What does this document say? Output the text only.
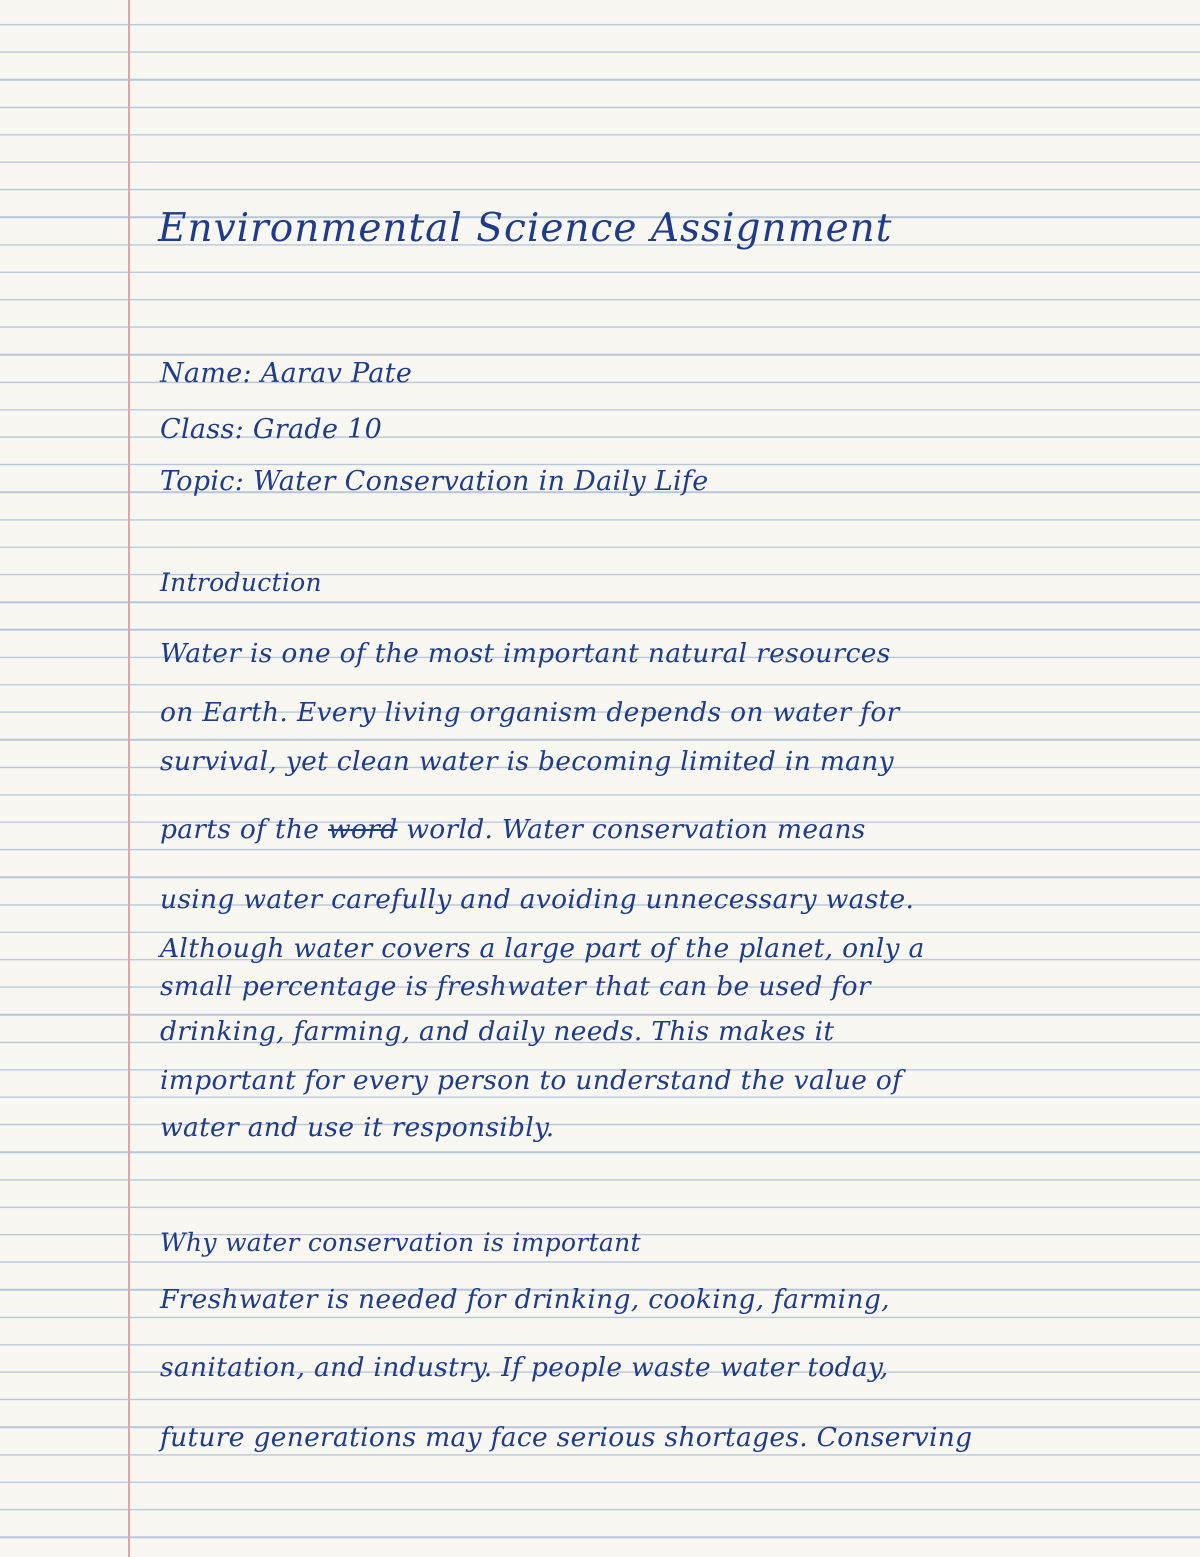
Environmental Science Assignment
Name: Aarav Pate
Class: Grade 10
Topic: Water Conservation in Daily Life
Introduction
Water is one of the most important natural resources
on Earth. Every living organism depends on water for
survival, yet clean water is becoming limited in many
parts of the word world. Water conservation means
using water carefully and avoiding unnecessary waste.
Although water covers a large part of the planet, only a
small percentage is freshwater that can be used for
drinking, farming, and daily needs. This makes it
important for every person to understand the value of
water and use it responsibly.
Why water conservation is important
Freshwater is needed for drinking, cooking, farming,
sanitation, and industry. If people waste water today,
future generations may face serious shortages. Conserving
